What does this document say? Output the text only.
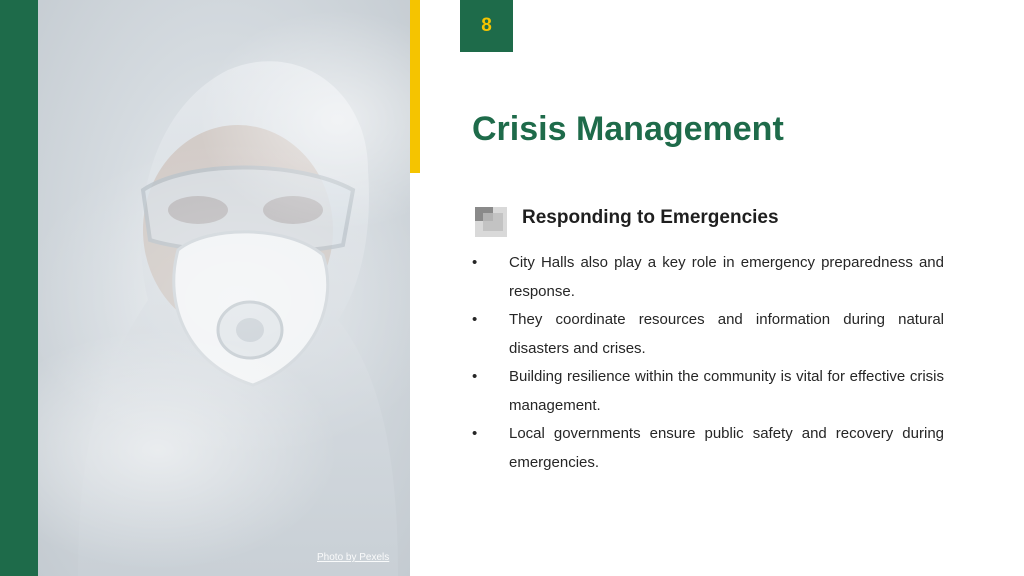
Photo by Pexels
8
Crisis Management
Responding to Emergencies
• City Halls also play a key role in emergency preparedness and response.
• They coordinate resources and information during natural disasters and crises.
• Building resilience within the community is vital for effective crisis management.
• Local governments ensure public safety and recovery during emergencies.
